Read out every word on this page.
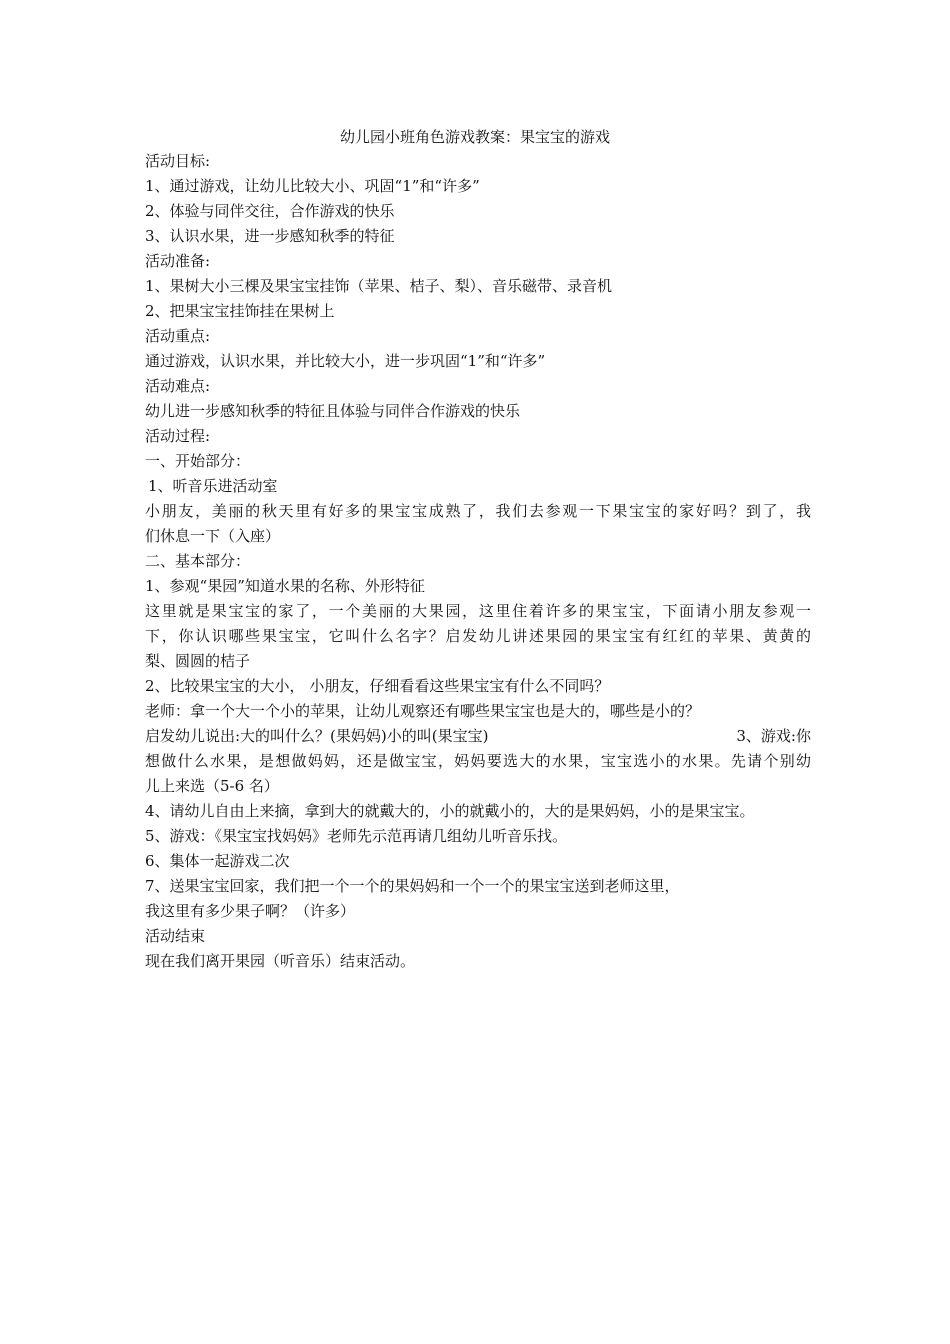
幼儿园小班角色游戏教案：果宝宝的游戏
活动目标:
1、通过游戏，让幼儿比较大小、巩固“1”和“许多”
2、体验与同伴交往，合作游戏的快乐
3、认识水果，进一步感知秋季的特征
活动准备:
1、果树大小三棵及果宝宝挂饰（苹果、桔子、梨）、音乐磁带、录音机
2、把果宝宝挂饰挂在果树上
活动重点:
通过游戏，认识水果，并比较大小，进一步巩固“1”和“许多”
活动难点:
幼儿进一步感知秋季的特征且体验与同伴合作游戏的快乐
活动过程:
一、开始部分：
1、听音乐进活动室
小朋友，美丽的秋天里有好多的果宝宝成熟了，我们去参观一下果宝宝的家好吗？到了，我
们休息一下（入座）
二、基本部分：
1、参观“果园”知道水果的名称、外形特征
这里就是果宝宝的家了，一个美丽的大果园，这里住着许多的果宝宝，下面请小朋友参观一
下，你认识哪些果宝宝，它叫什么名字？启发幼儿讲述果园的果宝宝有红红的苹果、黄黄的
梨、圆圆的桔子
2、比较果宝宝的大小， 小朋友，仔细看看这些果宝宝有什么不同吗？
老师：拿一个大一个小的苹果，让幼儿观察还有哪些果宝宝也是大的，哪些是小的？
启发幼儿说出:大的叫什么？(果妈妈)小的叫(果宝宝)	3、游戏:你
想做什么水果，是想做妈妈，还是做宝宝，妈妈要选大的水果，宝宝选小的水果。先请个别幼
儿上来选（5-6 名）
4、请幼儿自由上来摘，拿到大的就戴大的，小的就戴小的，大的是果妈妈，小的是果宝宝。
5、游戏：《果宝宝找妈妈》老师先示范再请几组幼儿听音乐找。
6、集体一起游戏二次
7、送果宝宝回家，我们把一个一个的果妈妈和一个一个的果宝宝送到老师这里，
我这里有多少果子啊？（许多）
活动结束
现在我们离开果园（听音乐）结束活动。
